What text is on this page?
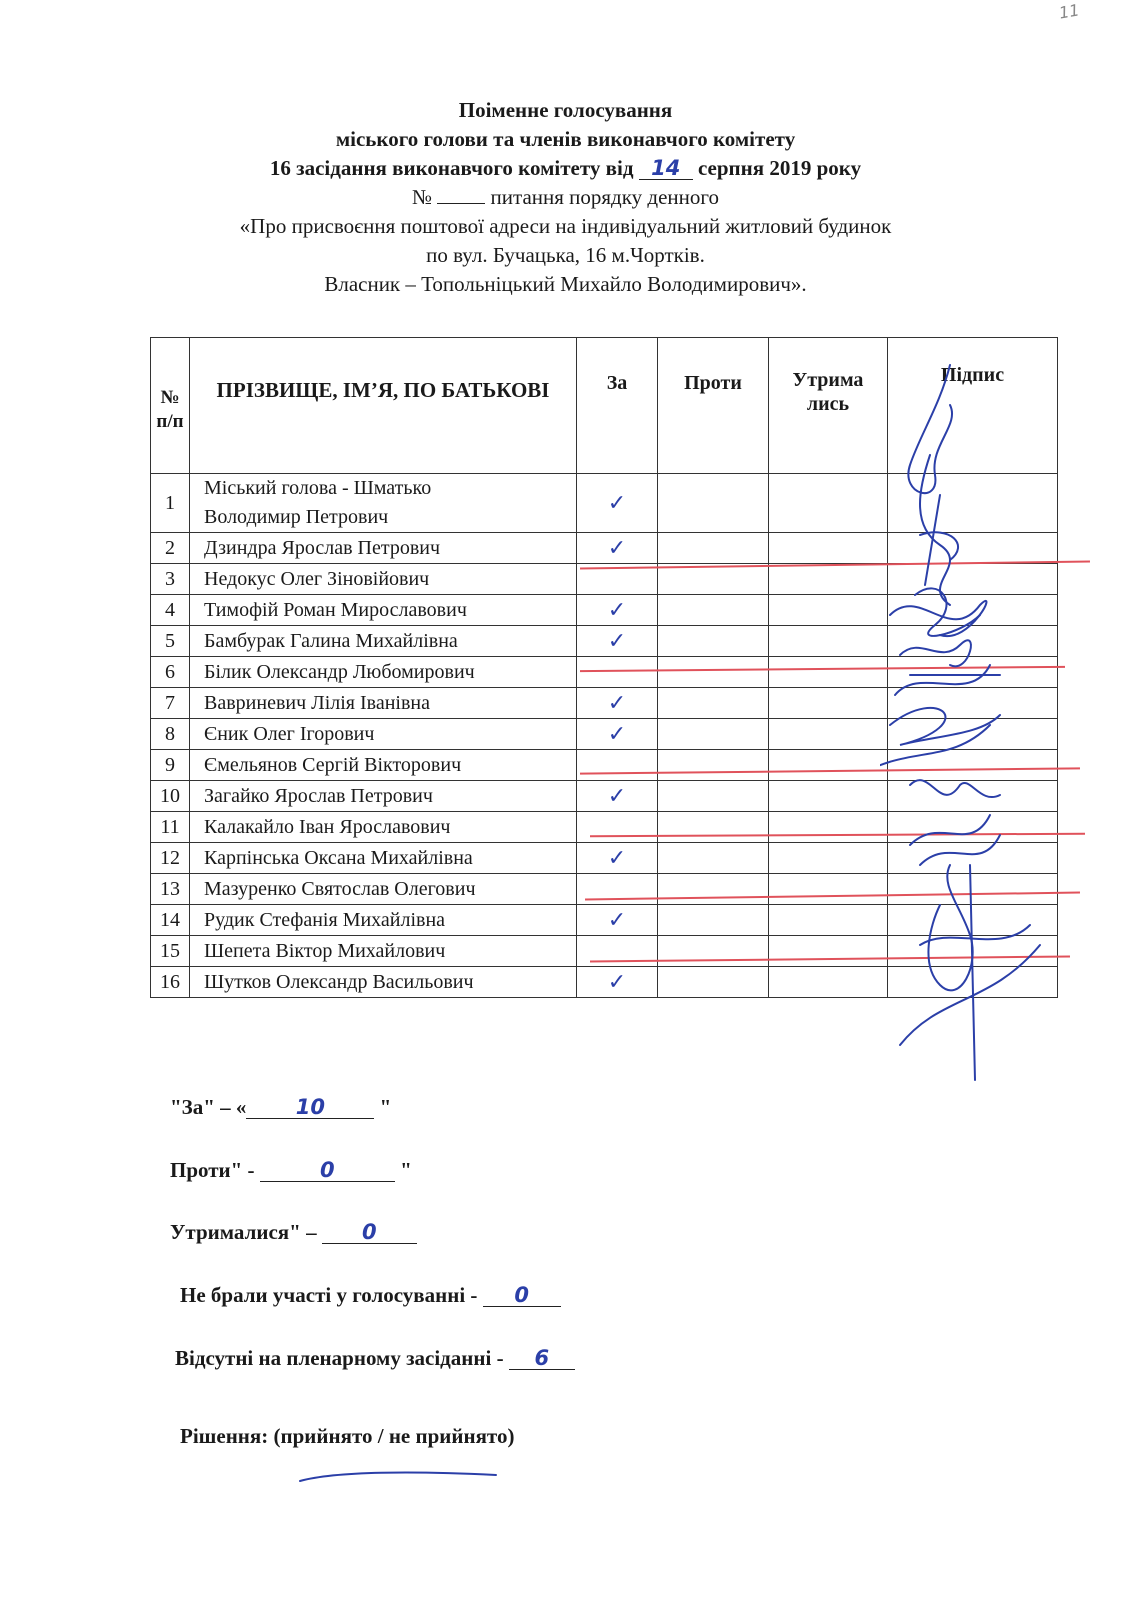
11
Поіменне голосування
міського голови та членів виконавчого комітету
16 засідання виконавчого комітету від 14 серпня 2019 року
№  питання порядку денного
«Про присвоєння поштової адреси на індивідуальний житловий будинок
по вул. Бучацька, 16 м.Чортків.
Власник – Топольніцький Михайло Володимирович».
№ п/п	ПРІЗВИЩЕ, ІМ’Я, ПО БАТЬКОВІ	За	Проти	Утрима лись	Підпис
1	Міський голова - Шматько
Володимир Петрович	✓			

2	Дзиндра Ярослав Петрович	✓			

3	Недокус Олег Зіновійович	

4	Тимофій Роман Мирославович	✓			

5	Бамбурак Галина Михайлівна	✓			

6	Білик Олександр Любомирович	

7	Вавриневич Лілія Іванівна	✓			

8	Єник Олег Ігорович	✓			

9	Ємельянов Сергій Вікторович	

10	Загайко Ярослав Петрович	✓			

11	Калакайло Іван Ярославович	

12	Карпінська Оксана Михайлівна	✓			

13	Мазуренко Святослав Олегович	

14	Рудик Стефанія Михайлівна	✓			

15	Шепета Віктор Михайлович	

16	Шутков Олександр Васильович	✓			

"За" – « 10 "
Проти" -	0	"
Утрималися" – 0
Не брали участі у голосуванні - 0
Відсутні на пленарному засіданні - 6
Рішення: (прийнято / не прийнято)
